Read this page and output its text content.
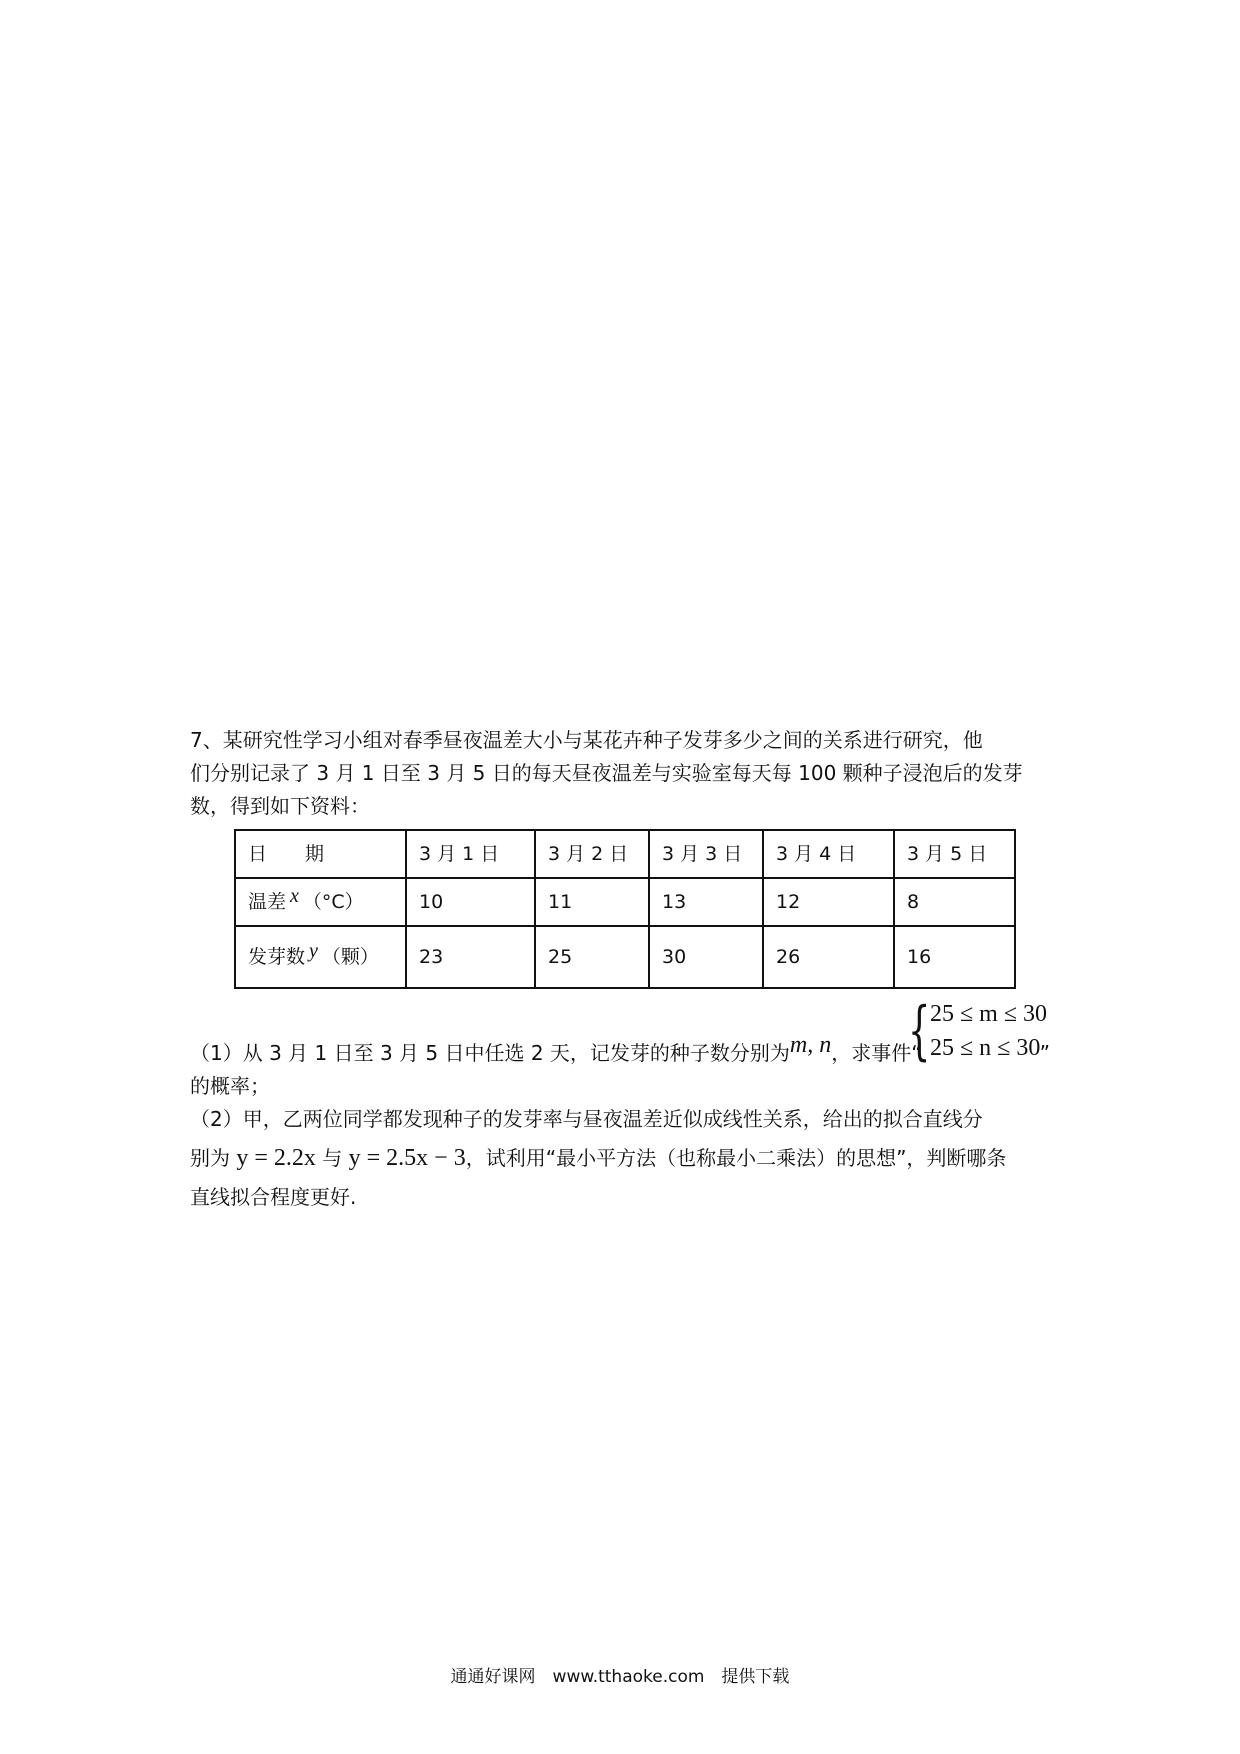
7、某研究性学习小组对春季昼夜温差大小与某花卉种子发芽多少之间的关系进行研究，他

们分别记录了 3 月 1 日至 3 月 5 日的每天昼夜温差与实验室每天每 100 颗种子浸泡后的发芽

数，得到如下资料：

日　　期	3 月 1 日	3 月 2 日	3 月 3 日	3 月 4 日	3 月 5 日
温差 x （°C）	10	11	13	12	8
发芽数 y （颗）	23	25	30	26	16
{ 25 ≤ m ≤ 30
25 ≤ n ≤ 30
（1）从 3 月 1 日至 3 月 5 日中任选 2 天，记发芽的种子数分别为m, n，求事件“	”

的概率；

（2）甲，乙两位同学都发现种子的发芽率与昼夜温差近似成线性关系，给出的拟合直线分

别为 y = 2.2x 与 y = 2.5x − 3，试利用“最小平方法（也称最小二乘法）的思想”，判断哪条

直线拟合程度更好.

通通好课网　www.tthaoke.com　提供下载
